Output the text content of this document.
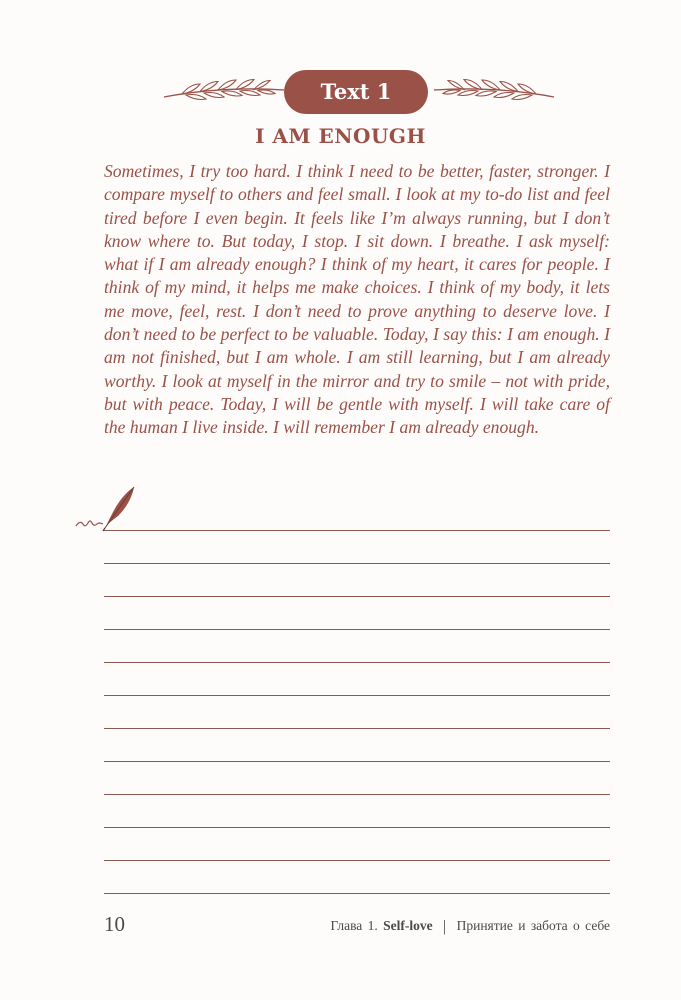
Text 1
I AM ENOUGH

Sometimes, I try too hard. I think I need to be better, faster, stronger. I compare myself to others and feel small. I look at my to-do list and feel tired before I even begin. It feels like I’m always running, but I don’t know where to. But today, I stop. I sit down. I breathe. I ask myself: what if I am already enough? I think of my heart, it cares for people. I think of my mind, it helps me make choices. I think of my body, it lets me move, feel, rest. I don’t need to prove anything to deserve love. I don’t need to be perfect to be valuable. Today, I say this: I am enough. I am not finished, but I am whole. I am still learning, but I am already worthy. I look at myself in the mirror and try to smile – not with pride, but with peace. Today, I will be gentle with myself. I will take care of the human I live inside. I will remember I am already enough.

10	Глава 1. Self-love | Принятие и забота о себе
